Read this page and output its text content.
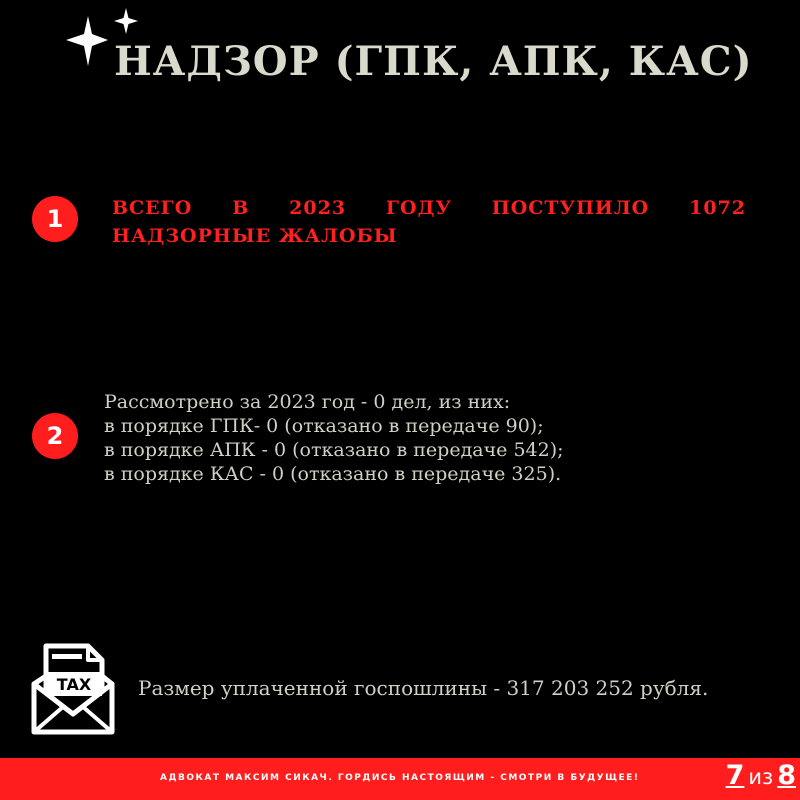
НАДЗОР (ГПК, АПК, КАС)
1	ВСЕГО В 2023 ГОДУ ПОСТУПИЛО 1072 НАДЗОРНЫЕ ЖАЛОБЫ
2
Рассмотрено за 2023 год - 0 дел, из них:
в порядке ГПК- 0 (отказано в передаче 90);
в порядке АПК - 0 (отказано в передаче 542);
в порядке КАС - 0 (отказано в передаче 325).
TAX Размер уплаченной госпошлины - 317 203 252 рубля.
АДВОКАТ МАКСИМ СИКАЧ. ГОРДИСЬ НАСТОЯЩИМ - СМОТРИ В БУДУЩЕЕ!	7 из 8
